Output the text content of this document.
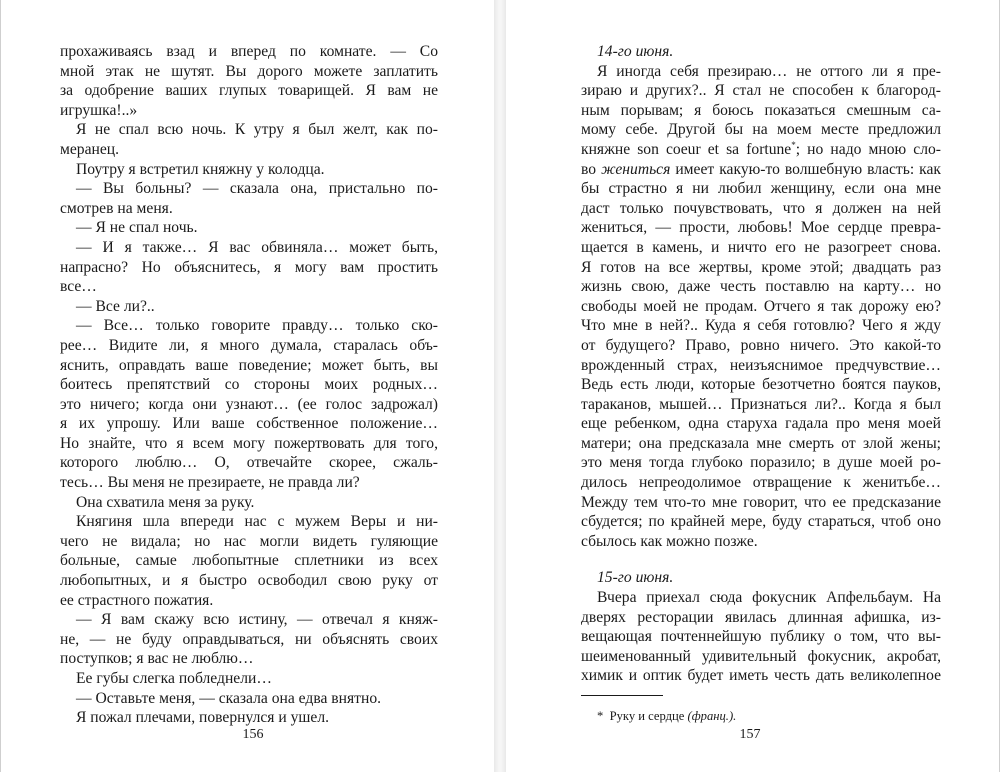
прохаживаясь взад и вперед по комнате. — Со
мной этак не шутят. Вы дорого можете заплатить
за одобрение ваших глупых товарищей. Я вам не
игрушка!..»
Я не спал всю ночь. К утру я был желт, как по-
меранец.
Поутру я встретил княжну у колодца.
— Вы больны? — сказала она, пристально по-
смотрев на меня.
— Я не спал ночь.
— И я также… Я вас обвиняла… может быть,
напрасно? Но объяснитесь, я могу вам простить
все…
— Все ли?..
— Все… только говорите правду… только ско-
рее… Видите ли, я много думала, старалась объ-
яснить, оправдать ваше поведение; может быть, вы
боитесь препятствий со стороны моих родных…
это ничего; когда они узнают… (ее голос задрожал)
я их упрошу. Или ваше собственное положение…
Но знайте, что я всем могу пожертвовать для того,
которого люблю… О, отвечайте скорее, сжаль-
тесь… Вы меня не презираете, не правда ли?
Она схватила меня за руку.
Княгиня шла впереди нас с мужем Веры и ни-
чего не видала; но нас могли видеть гуляющие
больные, самые любопытные сплетники из всех
любопытных, и я быстро освободил свою руку от
ее страстного пожатия.
— Я вам скажу всю истину, — отвечал я княж-
не, — не буду оправдываться, ни объяснять своих
поступков; я вас не люблю…
Ее губы слегка побледнели…
— Оставьте меня, — сказала она едва внятно.
Я пожал плечами, повернулся и ушел.
156
14-го июня.
Я иногда себя презираю… не оттого ли я пре-
зираю и других?.. Я стал не способен к благород-
ным порывам; я боюсь показаться смешным са-
мому себе. Другой бы на моем месте предложил
княжне son coeur et sa fortune*; но надо мною сло-
во жениться имеет какую-то волшебную власть: как
бы страстно я ни любил женщину, если она мне
даст только почувствовать, что я должен на ней
жениться, — прости, любовь! Мое сердце превра-
щается в камень, и ничто его не разогреет снова.
Я готов на все жертвы, кроме этой; двадцать раз
жизнь свою, даже честь поставлю на карту… но
свободы моей не продам. Отчего я так дорожу ею?
Что мне в ней?.. Куда я себя готовлю? Чего я жду
от будущего? Право, ровно ничего. Это какой-то
врожденный страх, неизъяснимое предчувствие…
Ведь есть люди, которые безотчетно боятся пауков,
тараканов, мышей… Признаться ли?.. Когда я был
еще ребенком, одна старуха гадала про меня моей
матери; она предсказала мне смерть от злой жены;
это меня тогда глубоко поразило; в душе моей ро-
дилось непреодолимое отвращение к женитьбе…
Между тем что-то мне говорит, что ее предсказание
сбудется; по крайней мере, буду стараться, чтоб оно
сбылось как можно позже.
15-го июня.
Вчера приехал сюда фокусник Апфельбаум. На
дверях ресторации явилась длинная афишка, из-
вещающая почтеннейшую публику о том, что вы-
шеименованный удивительный фокусник, акробат,
химик и оптик будет иметь честь дать великолепное
* Руку и сердце (франц.).
157
